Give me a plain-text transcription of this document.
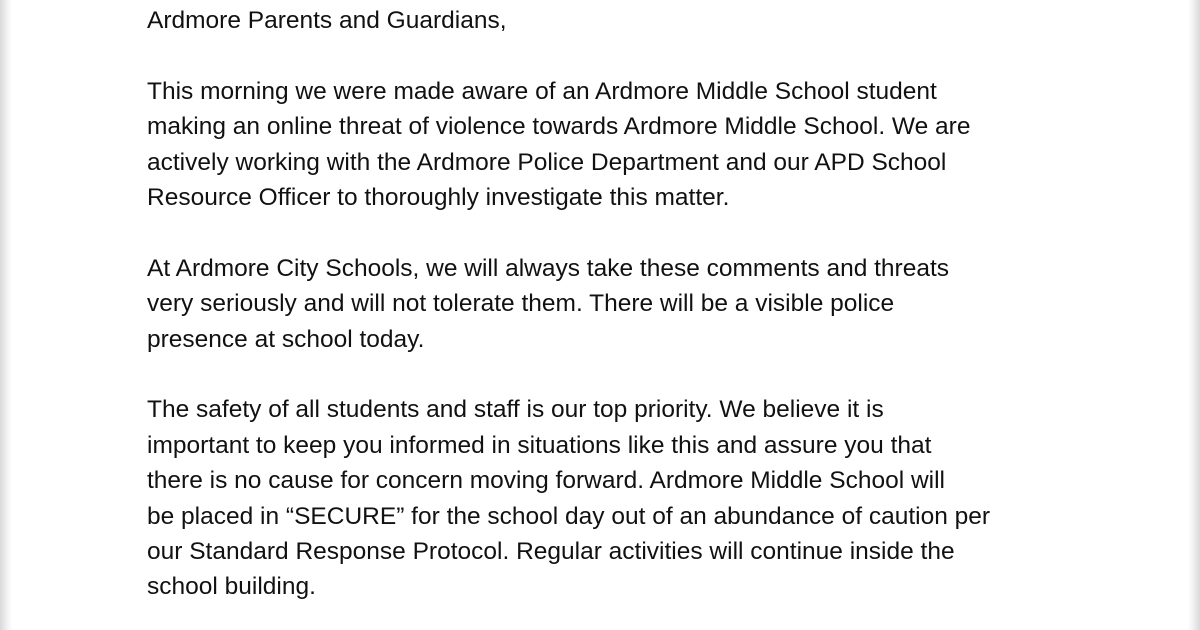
Ardmore Parents and Guardians,

This morning we were made aware of an Ardmore Middle School student
making an online threat of violence towards Ardmore Middle School. We are
actively working with the Ardmore Police Department and our APD School
Resource Officer to thoroughly investigate this matter.

At Ardmore City Schools, we will always take these comments and threats
very seriously and will not tolerate them. There will be a visible police
presence at school today.

The safety of all students and staff is our top priority. We believe it is
important to keep you informed in situations like this and assure you that
there is no cause for concern moving forward. Ardmore Middle School will
be placed in “SECURE” for the school day out of an abundance of caution per
our Standard Response Protocol. Regular activities will continue inside the
school building.
